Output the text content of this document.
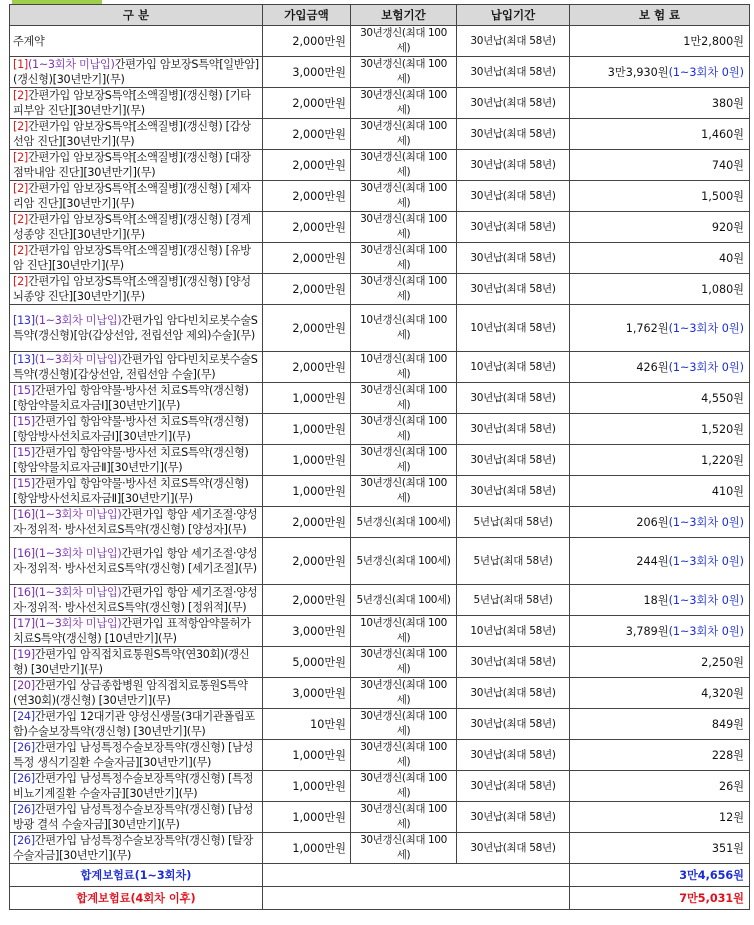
구 분	가입금액	보험기간	납입기간	보 험 료
주계약	2,000만원	30년갱신(최대 100세)	30년납(최대 58년)	1만2,800원
[1](1~3회차 미납입)간편가입 암보장S특약[일반암](갱신형)[30년만기](무)	3,000만원	30년갱신(최대 100세)	30년납(최대 58년)	3만3,930원(1~3회차 0원)
[2]간편가입 암보장S특약[소액질병](갱신형) [기타피부암 진단][30년만기](무)	2,000만원	30년갱신(최대 100세)	30년납(최대 58년)	380원
[2]간편가입 암보장S특약[소액질병](갱신형) [갑상선암 진단][30년만기](무)	2,000만원	30년갱신(최대 100세)	30년납(최대 58년)	1,460원
[2]간편가입 암보장S특약[소액질병](갱신형) [대장점막내암 진단][30년만기](무)	2,000만원	30년갱신(최대 100세)	30년납(최대 58년)	740원
[2]간편가입 암보장S특약[소액질병](갱신형) [제자리암 진단][30년만기](무)	2,000만원	30년갱신(최대 100세)	30년납(최대 58년)	1,500원
[2]간편가입 암보장S특약[소액질병](갱신형) [경계성종양 진단][30년만기](무)	2,000만원	30년갱신(최대 100세)	30년납(최대 58년)	920원
[2]간편가입 암보장S특약[소액질병](갱신형) [유방암 진단][30년만기](무)	2,000만원	30년갱신(최대 100세)	30년납(최대 58년)	40원
[2]간편가입 암보장S특약[소액질병](갱신형) [양성뇌종양 진단][30년만기](무)	2,000만원	30년갱신(최대 100세)	30년납(최대 58년)	1,080원
[13](1~3회차 미납입)간편가입 암다빈치로봇수술S특약(갱신형)[암(갑상선암, 전립선암 제외)수술](무)	2,000만원	10년갱신(최대 100세)	10년납(최대 58년)	1,762원(1~3회차 0원)
[13](1~3회차 미납입)간편가입 암다빈치로봇수술S특약(갱신형)[갑상선암, 전립선암 수술](무)	2,000만원	10년갱신(최대 100세)	10년납(최대 58년)	426원(1~3회차 0원)
[15]간편가입 항암약물·방사선 치료S특약(갱신형)[항암약물치료자금Ⅰ][30년만기](무)	1,000만원	30년갱신(최대 100세)	30년납(최대 58년)	4,550원
[15]간편가입 항암약물·방사선 치료S특약(갱신형)[항암방사선치료자금Ⅰ][30년만기](무)	1,000만원	30년갱신(최대 100세)	30년납(최대 58년)	1,520원
[15]간편가입 항암약물·방사선 치료S특약(갱신형)[항암약물치료자금Ⅱ][30년만기](무)	1,000만원	30년갱신(최대 100세)	30년납(최대 58년)	1,220원
[15]간편가입 항암약물·방사선 치료S특약(갱신형)[항암방사선치료자금Ⅱ][30년만기](무)	1,000만원	30년갱신(최대 100세)	30년납(최대 58년)	410원
[16](1~3회차 미납입)간편가입 항암 세기조절·양성자·정위적· 방사선치료S특약(갱신형) [양성자](무)	2,000만원	5년갱신(최대 100세)	5년납(최대 58년)	206원(1~3회차 0원)
[16](1~3회차 미납입)간편가입 항암 세기조절·양성자·정위적· 방사선치료S특약(갱신형) [세기조절](무)	2,000만원	5년갱신(최대 100세)	5년납(최대 58년)	244원(1~3회차 0원)
[16](1~3회차 미납입)간편가입 항암 세기조절·양성자·정위적· 방사선치료S특약(갱신형) [정위적](무)	2,000만원	5년갱신(최대 100세)	5년납(최대 58년)	18원(1~3회차 0원)
[17](1~3회차 미납입)간편가입 표적항암약물허가치료S특약(갱신형) [10년만기](무)	3,000만원	10년갱신(최대 100세)	10년납(최대 58년)	3,789원(1~3회차 0원)
[19]간편가입 암직접치료통원S특약(연30회)(갱신형) [30년만기](무)	5,000만원	30년갱신(최대 100세)	30년납(최대 58년)	2,250원
[20]간편가입 상급종합병원 암직접치료통원S특약(연30회)(갱신형) [30년만기](무)	3,000만원	30년갱신(최대 100세)	30년납(최대 58년)	4,320원
[24]간편가입 12대기관 양성신생물(3대기관폴립포함)수술보장특약(갱신형) [30년만기](무)	10만원	30년갱신(최대 100세)	30년납(최대 58년)	849원
[26]간편가입 남성특정수술보장특약(갱신형) [남성특정 생식기질환 수술자금][30년만기](무)	1,000만원	30년갱신(최대 100세)	30년납(최대 58년)	228원
[26]간편가입 남성특정수술보장특약(갱신형) [특정비뇨기계질환 수술자금][30년만기](무)	1,000만원	30년갱신(최대 100세)	30년납(최대 58년)	26원
[26]간편가입 남성특정수술보장특약(갱신형) [남성방광 결석 수술자금][30년만기](무)	1,000만원	30년갱신(최대 100세)	30년납(최대 58년)	12원
[26]간편가입 남성특정수술보장특약(갱신형) [탈장수술자금][30년만기](무)	1,000만원	30년갱신(최대 100세)	30년납(최대 58년)	351원
합계보험료(1~3회차)				3만4,656원
합계보험료(4회차 이후)				7만5,031원
